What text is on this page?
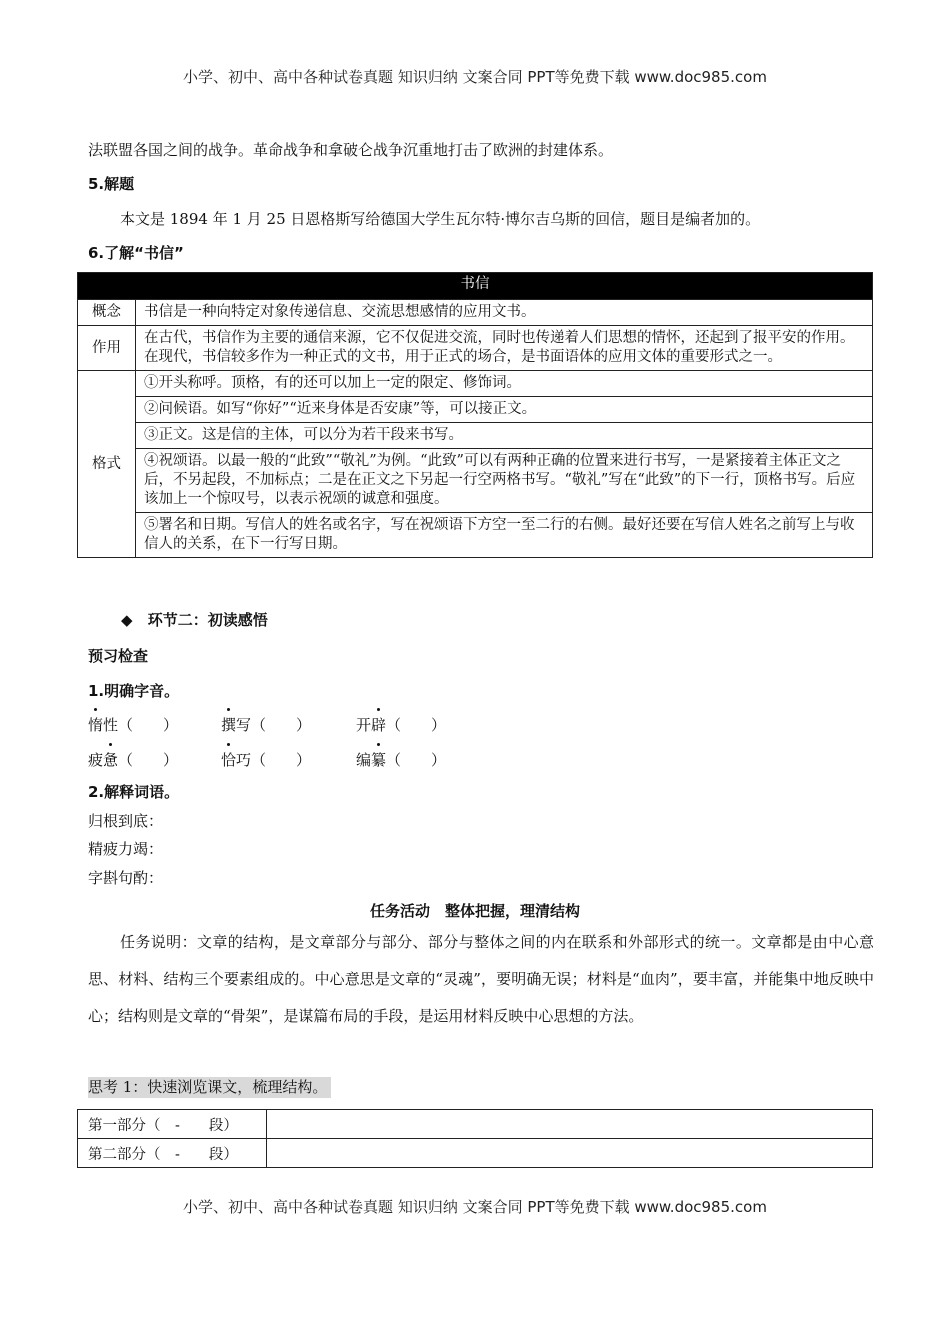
小学、初中、高中各种试卷真题 知识归纳 文案合同 PPT等免费下载 www.doc985.com
法联盟各国之间的战争。革命战争和拿破仑战争沉重地打击了欧洲的封建体系。
5.解题
本文是 1894 年 1 月 25 日恩格斯写给德国大学生瓦尔特·博尔吉乌斯的回信，题目是编者加的。
6.了解“书信”
书信	
概念	书信是一种向特定对象传递信息、交流思想感情的应用文书。
作用	在古代，书信作为主要的通信来源，它不仅促进交流，同时也传递着人们思想的情怀，还起到了报平安的作用。在现代，书信较多作为一种正式的文书，用于正式的场合，是书面语体的应用文体的重要形式之一。
格式	①开头称呼。顶格，有的还可以加上一定的限定、修饰词。
	②问候语。如写“你好”“近来身体是否安康”等，可以接正文。
	③正文。这是信的主体，可以分为若干段来书写。
	④祝颂语。以最一般的“此致”“敬礼”为例。“此致”可以有两种正确的位置来进行书写，一是紧接着主体正文之后，不另起段，不加标点；二是在正文之下另起一行空两格书写。“敬礼”写在“此致”的下一行，顶格书写。后应该加上一个惊叹号，以表示祝颂的诚意和强度。
	⑤署名和日期。写信人的姓名或名字，写在祝颂语下方空一至二行的右侧。最好还要在写信人姓名之前写上与收信人的关系，在下一行写日期。
◆ 环节二：初读感悟
预习检查
1.明确字音。
惰性（　　）	撰写（　　）	开辟（　　）
疲惫（　　）	恰巧（　　）	编纂（　　）
2.解释词语。
归根到底：
精疲力竭：
字斟句酌：
任务活动　整体把握，理清结构
任务说明：文章的结构，是文章部分与部分、部分与整体之间的内在联系和外部形式的统一。文章都是由中心意思、材料、结构三个要素组成的。中心意思是文章的“灵魂”，要明确无误；材料是“血肉”，要丰富，并能集中地反映中心；结构则是文章的“骨架”，是谋篇布局的手段，是运用材料反映中心思想的方法。
思考 1：快速浏览课文，梳理结构。
第一部分（　-　　段）	
第二部分（　-　　段）	
小学、初中、高中各种试卷真题 知识归纳 文案合同 PPT等免费下载 www.doc985.com
